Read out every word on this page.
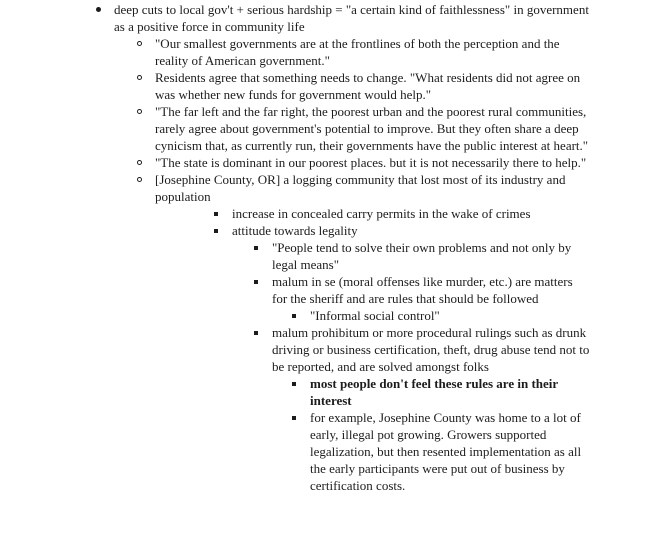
deep cuts to local gov't + serious hardship = "a certain kind of faithlessness" in government as a positive force in community life
"Our smallest governments are at the frontlines of both the perception and the reality of American government."
Residents agree that something needs to change. "What residents did not agree on was whether new funds for government would help."
"The far left and the far right, the poorest urban and the poorest rural communities, rarely agree about government's potential to improve. But they often share a deep cynicism that, as currently run, their governments have the public interest at heart."
"The state is dominant in our poorest places. but it is not necessarily there to help."
[Josephine County, OR] a logging community that lost most of its industry and population
increase in concealed carry permits in the wake of crimes
attitude towards legality
"People tend to solve their own problems and not only by legal means"
malum in se (moral offenses like murder, etc.) are matters for the sheriff and are rules that should be followed
"Informal social control"
malum prohibitum or more procedural rulings such as drunk driving or business certification, theft, drug abuse tend not to be reported, and are solved amongst folks
most people don't feel these rules are in their interest
for example, Josephine County was home to a lot of early, illegal pot growing. Growers supported legalization, but then resented implementation as all the early participants were put out of business by certification costs.
